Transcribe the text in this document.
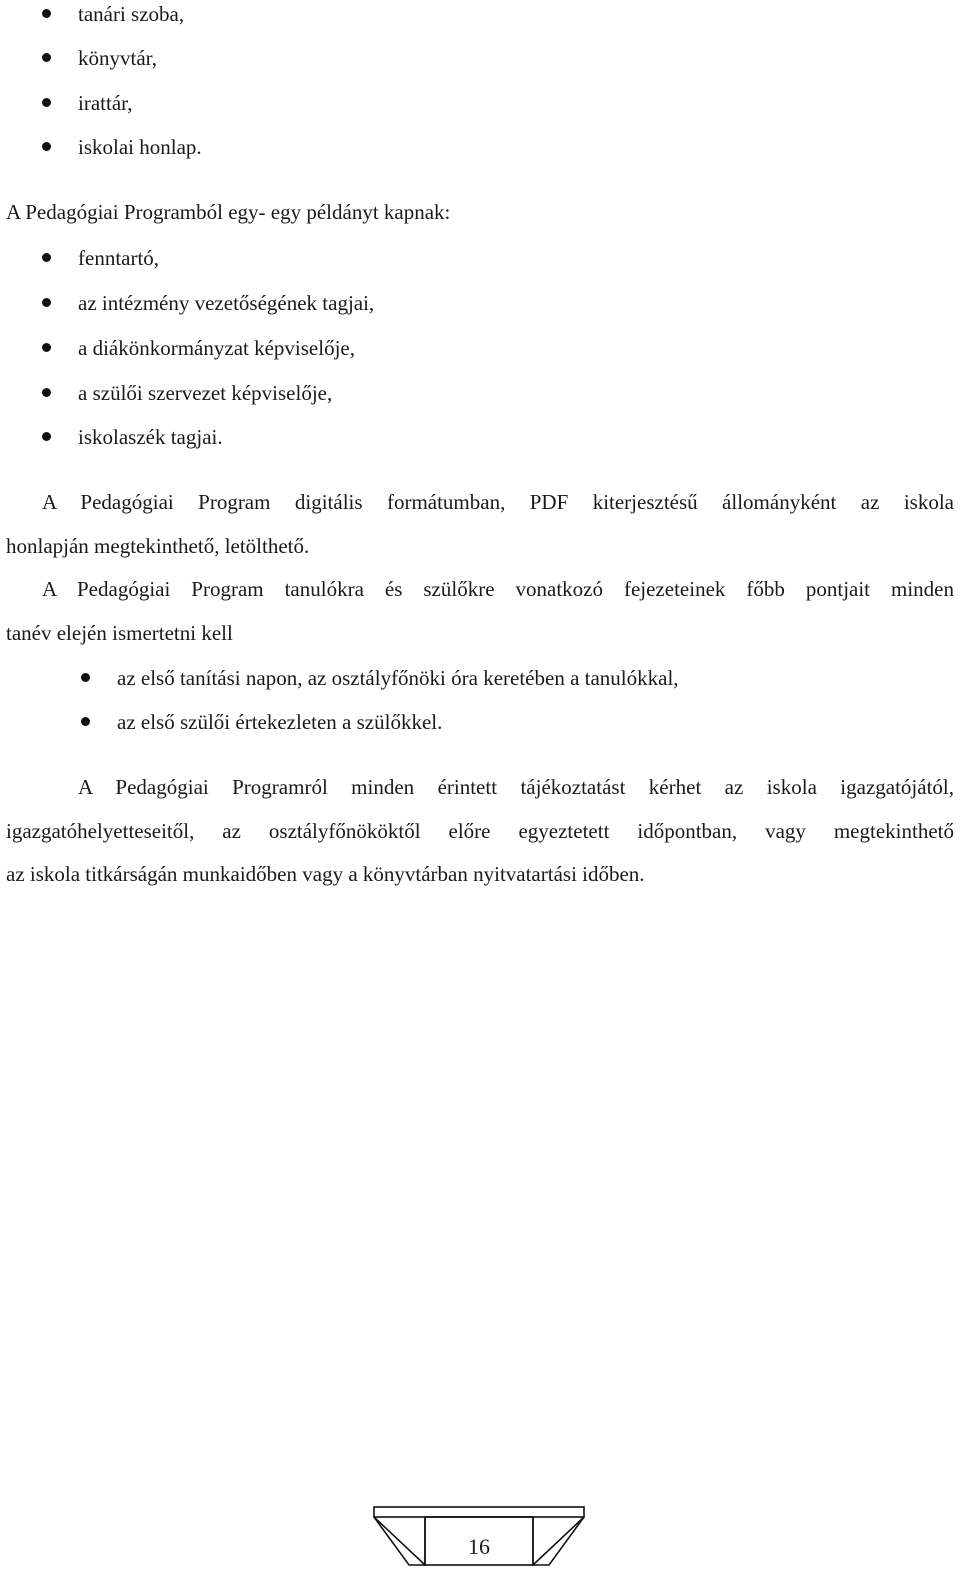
tanári szoba,
könyvtár,
irattár,
iskolai honlap.
A Pedagógiai Programból egy- egy példányt kapnak:
fenntartó,
az intézmény vezetőségének tagjai,
a diákönkormányzat képviselője,
a szülői szervezet képviselője,
iskolaszék tagjai.
A Pedagógiai Program digitális formátumban, PDF kiterjesztésű állományként az iskola
honlapján megtekinthető, letölthető.
A Pedagógiai Program tanulókra és szülőkre vonatkozó fejezeteinek főbb pontjait minden
tanév elején ismertetni kell
az első tanítási napon, az osztályfőnöki óra keretében a tanulókkal,
az első szülői értekezleten a szülőkkel.
A Pedagógiai Programról minden érintett tájékoztatást kérhet az iskola igazgatójától,
igazgatóhelyetteseitől, az osztályfőnököktől előre egyeztetett időpontban, vagy megtekinthető
az iskola titkárságán munkaidőben vagy a könyvtárban nyitvatartási időben.
16
